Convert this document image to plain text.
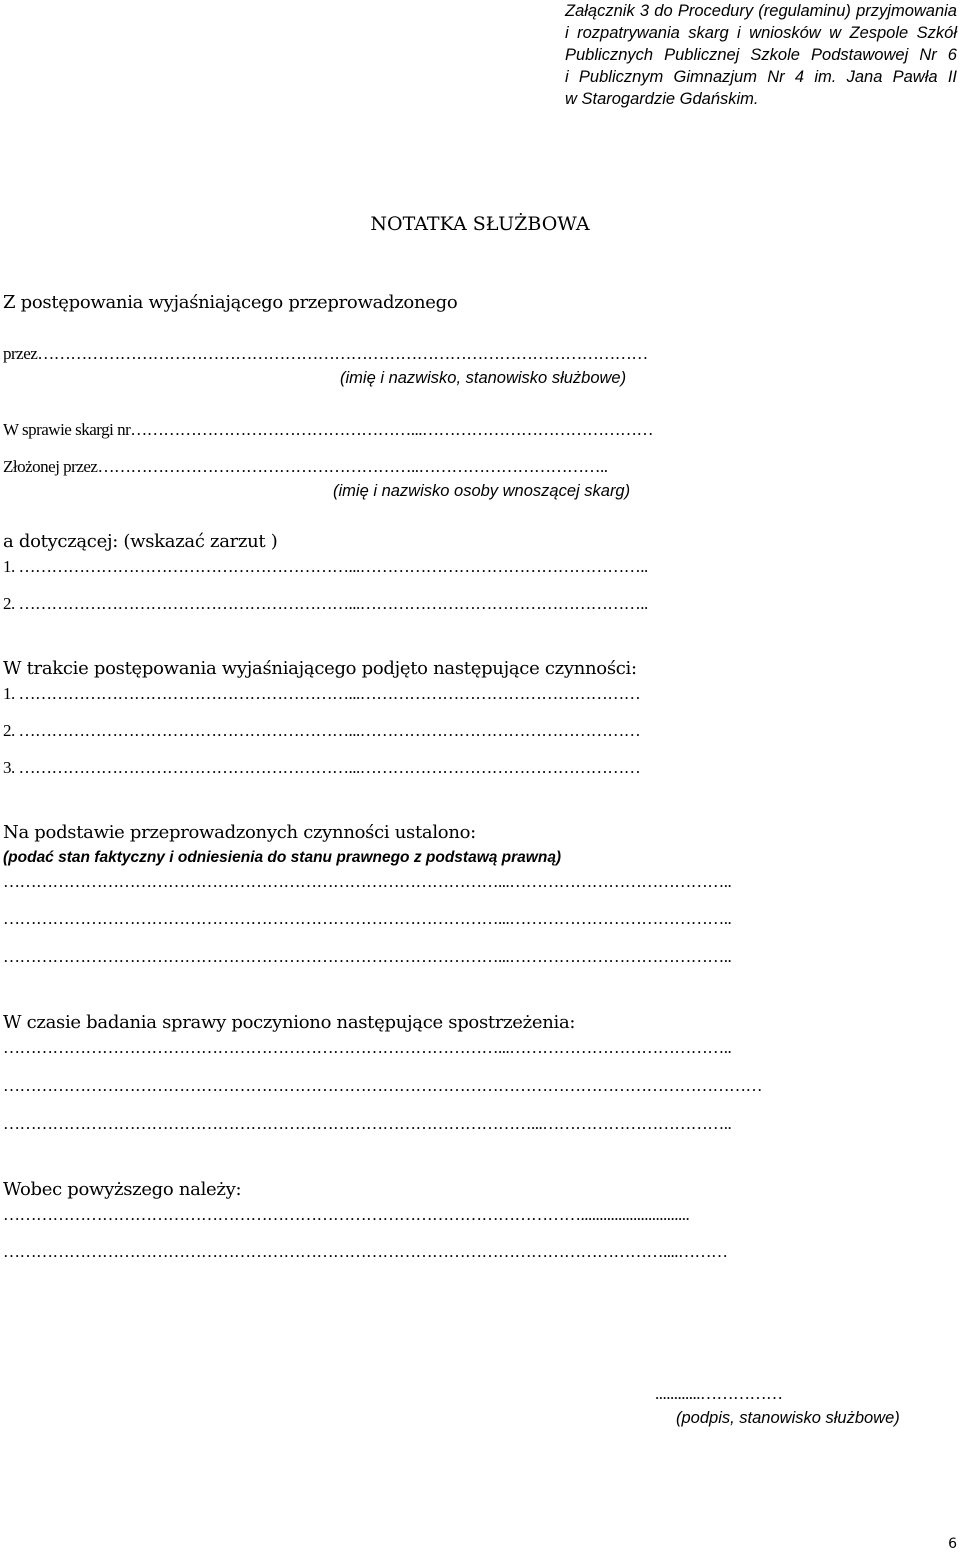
Załącznik 3 do Procedury (regulaminu) przyjmowania
i rozpatrywania skarg i wniosków w Zespole Szkół
Publicznych Publicznej Szkole Podstawowej Nr 6
i Publicznym Gimnazjum Nr 4 im. Jana Pawła II
w Starogardzie Gdańskim.
NOTATKA SŁUŻBOWA
Z postępowania wyjaśniającego przeprowadzonego
przez…………………………………………………………………………………………………
(imię i nazwisko, stanowisko służbowe)
W sprawie skargi nr……………………………………………...……………………………………
Złożonej przez…………………………………………………..……………………………..
(imię i nazwisko osoby wnoszącej skarg)
a dotyczącej: (wskazać zarzut )
1. ……………………………………………………...……………………………………………..
2. ……………………………………………………...……………………………………………..
W trakcie postępowania wyjaśniającego podjęto następujące czynności:
1. ……………………………………………………...……………………………………………
2. ……………………………………………………...……………………………………………
3. ……………………………………………………...……………………………………………
Na podstawie przeprowadzonych czynności ustalono:
(podać stan faktyczny i odniesienia do stanu prawnego z podstawą prawną)
………………………………………………………………………………...…………………………………..
………………………………………………………………………………...…………………………………..
………………………………………………………………………………...…………………………………..
W czasie badania sprawy poczyniono następujące spostrzeżenia:
………………………………………………………………………………...…………………………………..
…………………………………………………………………………………………………………………………
……………………………………………………………………………………...……………………………..
Wobec powyższego należy:
…………………………………………………………………………………………….............................
…………………………………………………………………………………………………………....………
............……………
(podpis, stanowisko służbowe)
6
